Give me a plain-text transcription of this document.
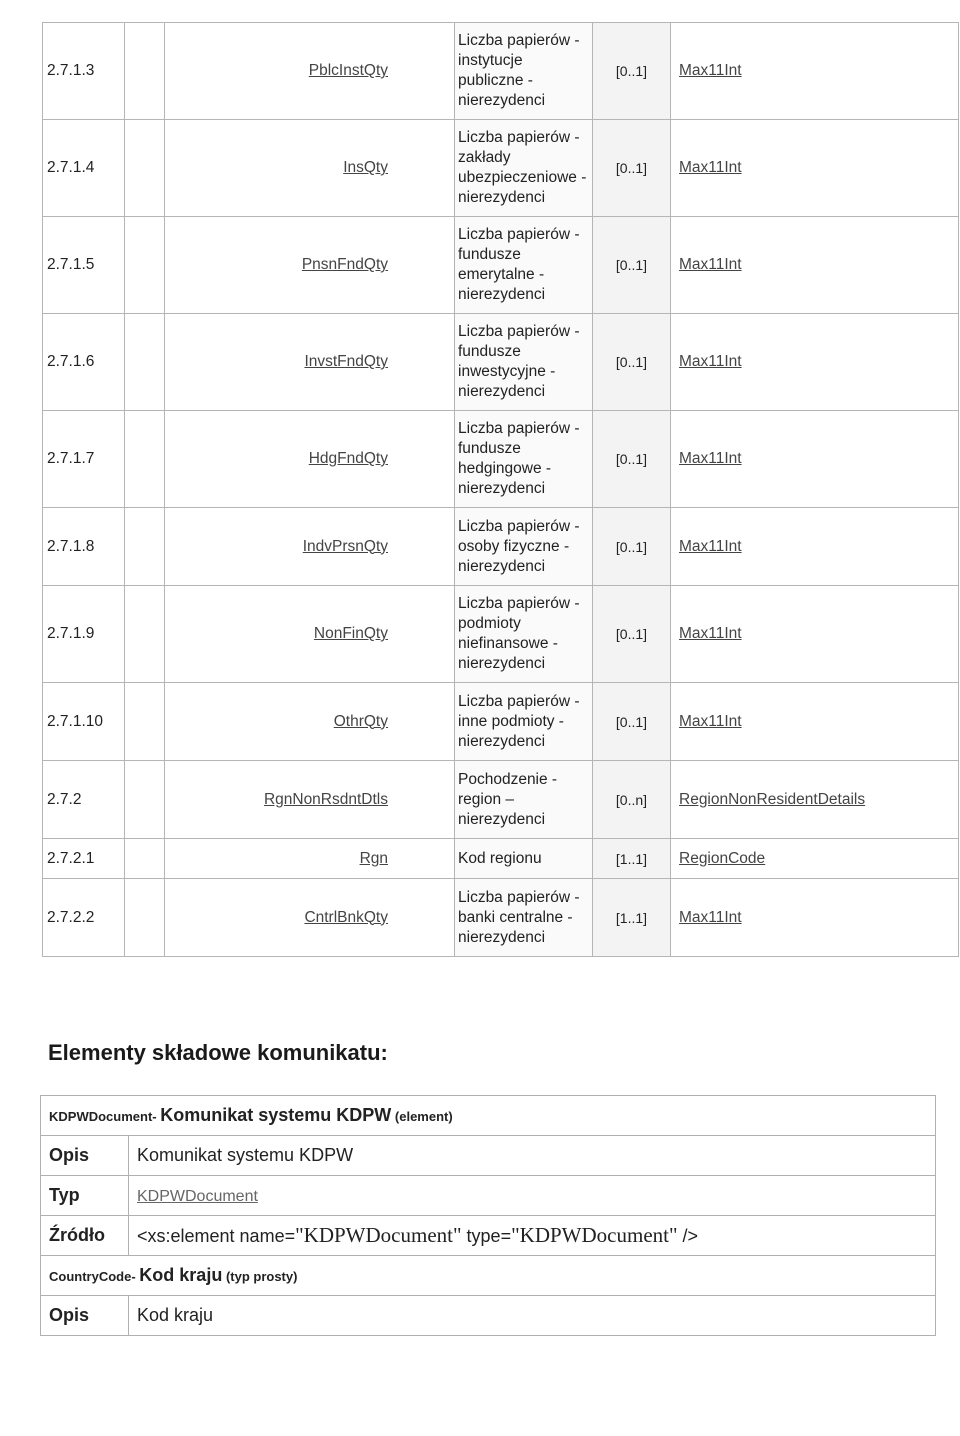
2.7.1.3		PblcInstQty	Liczba papierów - instytucje publiczne - nierezydenci	[0..1]	Max11Int
2.7.1.4		InsQty	Liczba papierów - zakłady ubezpieczeniowe - nierezydenci	[0..1]	Max11Int
2.7.1.5		PnsnFndQty	Liczba papierów - fundusze emerytalne - nierezydenci	[0..1]	Max11Int
2.7.1.6		InvstFndQty	Liczba papierów - fundusze inwestycyjne - nierezydenci	[0..1]	Max11Int
2.7.1.7		HdgFndQty	Liczba papierów - fundusze hedgingowe - nierezydenci	[0..1]	Max11Int
2.7.1.8		IndvPrsnQty	Liczba papierów - osoby fizyczne - nierezydenci	[0..1]	Max11Int
2.7.1.9		NonFinQty	Liczba papierów - podmioty niefinansowe - nierezydenci	[0..1]	Max11Int
2.7.1.10		OthrQty	Liczba papierów - inne podmioty - nierezydenci	[0..1]	Max11Int
2.7.2		RgnNonRsdntDtls	Pochodzenie - region – nierezydenci	[0..n]	RegionNonResidentDetails
2.7.2.1		Rgn	Kod regionu	[1..1]	RegionCode
2.7.2.2		CntrlBnkQty	Liczba papierów - banki centralne - nierezydenci	[1..1]	Max11Int
Elementy składowe komunikatu:
KDPWDocument- Komunikat systemu KDPW (element)	
Opis	Komunikat systemu KDPW
Typ	KDPWDocument
Źródło	<xs:element name="KDPWDocument" type="KDPWDocument" />
CountryCode- Kod kraju (typ prosty)	
Opis	Kod kraju
